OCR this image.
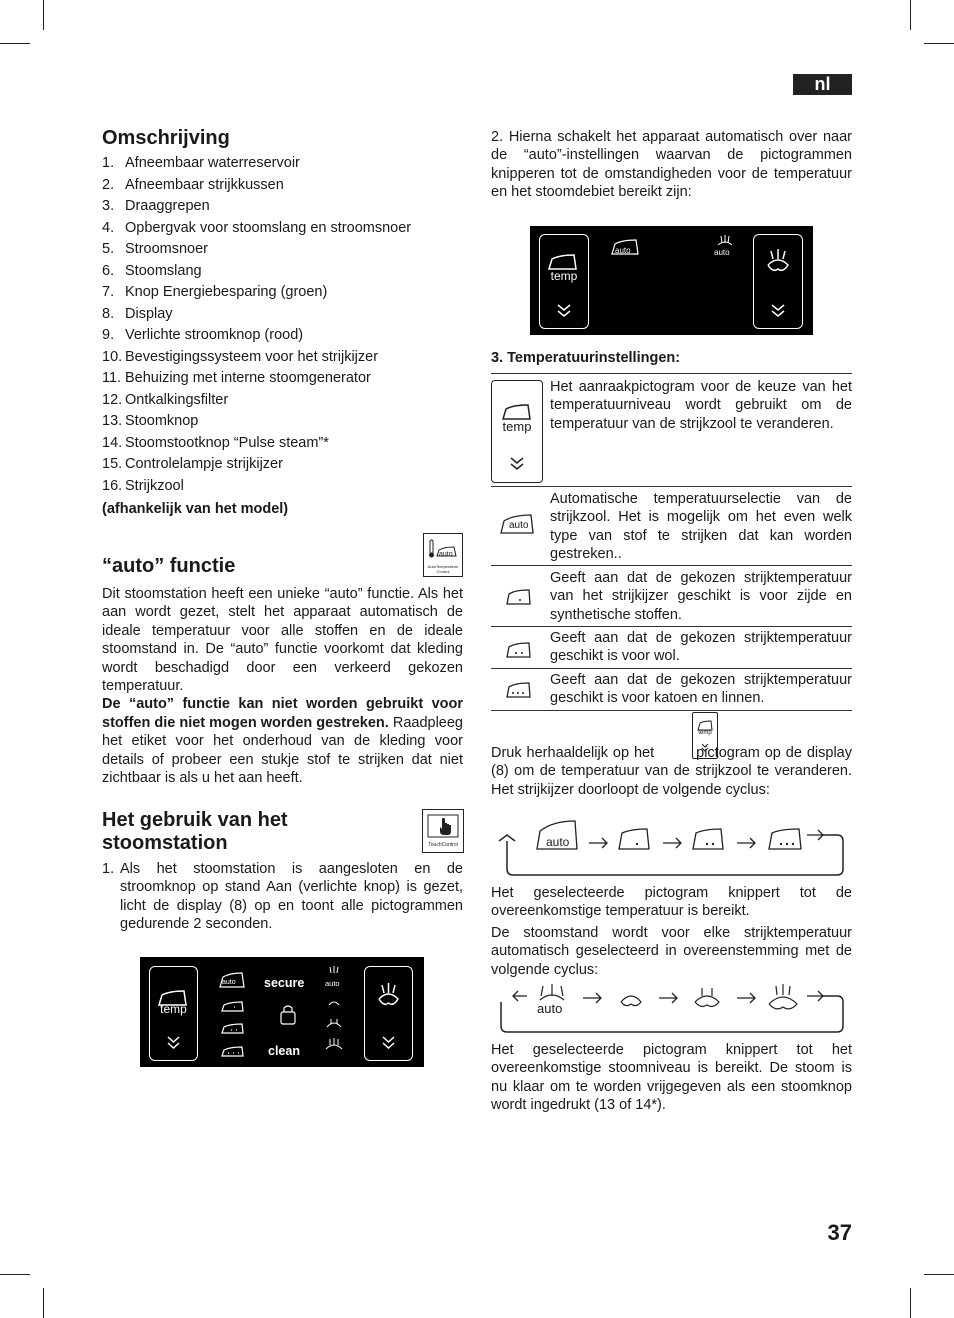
nl
37
Omschrijving
1. Afneembaar waterreservoir
2. Afneembaar strijkkussen
3. Draaggrepen
4. Opbergvak voor stoomslang en stroomsnoer
5. Stroomsnoer
6. Stoomslang
7. Knop Energiebesparing (groen)
8. Display
9. Verlichte stroomknop (rood)
10. Bevestigingssysteem voor het strijkijzer
11. Behuizing met interne stoomgenerator
12. Ontkalkingsfilter
13. Stoomknop
14. Stoomstootknop “Pulse steam”*
15. Controlelampje strijkijzer
16. Strijkzool
(afhankelijk van het model)
“auto” functie
auto
AutoTemperature Control
Dit stoomstation heeft een unieke “auto” functie. Als het aan wordt gezet, stelt het apparaat automatisch de ideale temperatuur voor alle stoffen en de ideale stoomstand in. De “auto” functie voorkomt dat kleding wordt beschadigd door een verkeerd gekozen temperatuur.
De “auto” functie kan niet worden gebruikt voor stoffen die niet mogen worden gestreken. Raadpleeg het etiket voor het onderhoud van de kleding voor details of probeer een stukje stof te strijken dat niet zichtbaar is als u het aan heeft.
Het gebruik van het
stoomstation	TouchControl
1. Als het stoomstation is aangesloten en de stroomknop op stand Aan (verlichte knop) is gezet, licht de display (8) op en toont alle pictogrammen gedurende 2 seconden.
temp
auto secure
clean
auto
2. Hierna schakelt het apparaat automatisch over naar de “auto”-instellingen waarvan de pictogrammen knipperen tot de omstandigheden voor de temperatuur en het stoomdebiet bereikt zijn:
temp
auto	auto
3. Temperatuurinstellingen:
temp
Het aanraakpictogram voor de keuze van het temperatuurniveau wordt gebruikt om de temperatuur van de strijkzool te veranderen.
auto
Automatische temperatuurselectie van de strijkzool. Het is mogelijk om het even welk type van stof te strijken dat kan worden gestreken..
Geeft aan dat de gekozen strijktemperatuur van het strijkijzer geschikt is voor zijde en synthetische stoffen.
Geeft aan dat de gekozen strijktemperatuur geschikt is voor wol.
Geeft aan dat de gekozen strijktemperatuur geschikt is voor katoen en linnen.
temp
Druk herhaaldelijk op het	pictogram op de display (8) om de temperatuur van de strijkzool te veranderen. Het strijkijzer doorloopt de volgende cyclus:
auto
Het geselecteerde pictogram knippert tot de overeenkomstige temperatuur is bereikt.
De stoomstand wordt voor elke strijktemperatuur automatisch geselecteerd in overeenstemming met de volgende cyclus:
auto
Het geselecteerde pictogram knippert tot het overeenkomstige stoomniveau is bereikt. De stoom is nu klaar om te worden vrijgegeven als een stoomknop wordt ingedrukt (13 of 14*).
